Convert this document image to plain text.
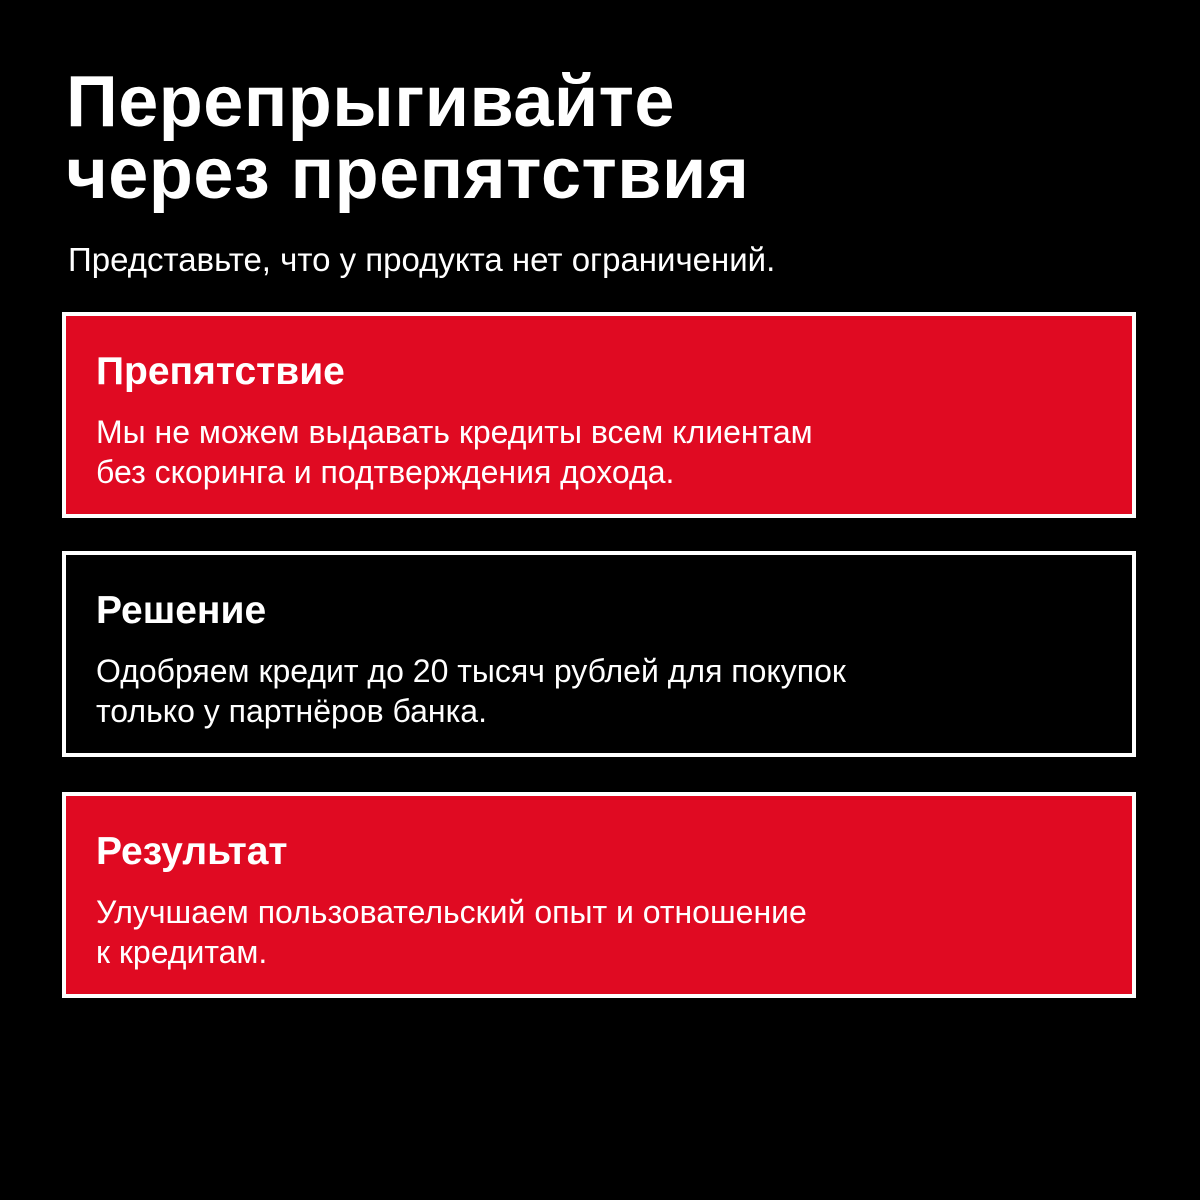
Перепрыгивайте
через препятствия
Представьте, что у продукта нет ограничений.
Препятствие
Мы не можем выдавать кредиты всем клиентам
без скоринга и подтверждения дохода.
Решение
Одобряем кредит до 20 тысяч рублей для покупок
только у партнёров банка.
Результат
Улучшаем пользовательский опыт и отношение
к кредитам.
